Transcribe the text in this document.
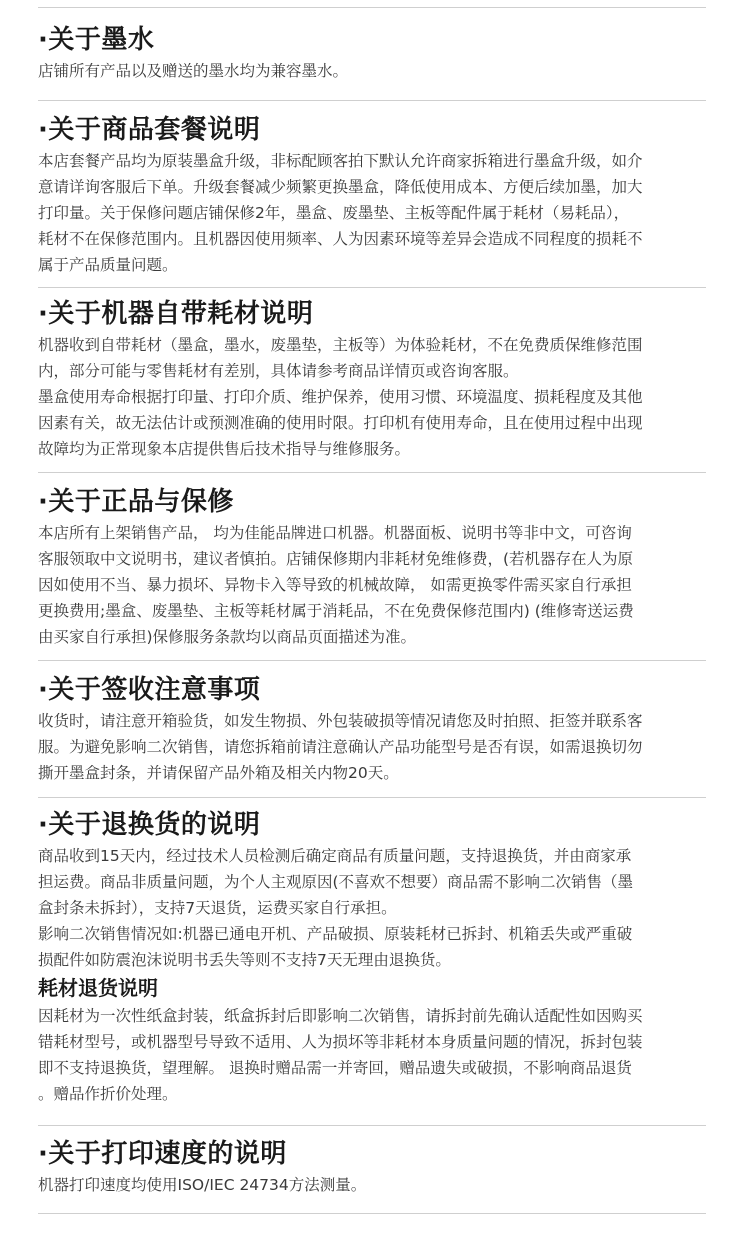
·关于墨水

店铺所有产品以及赠送的墨水均为兼容墨水。

·关于商品套餐说明

本店套餐产品均为原装墨盒升级，非标配顾客拍下默认允许商家拆箱进行墨盒升级，如介
意请详询客服后下单。升级套餐减少频繁更换墨盒，降低使用成本、方便后续加墨，加大
打印量。关于保修问题店铺保修2年，墨盒、废墨垫、主板等配件属于耗材（易耗品），
耗材不在保修范围内。且机器因使用频率、人为因素环境等差异会造成不同程度的损耗不
属于产品质量问题。

·关于机器自带耗材说明

机器收到自带耗材（墨盒，墨水，废墨垫，主板等）为体验耗材，不在免费质保维修范围
内，部分可能与零售耗材有差别，具体请参考商品详情页或咨询客服。

墨盒使用寿命根据打印量、打印介质、维护保养，使用习惯、环境温度、损耗程度及其他
因素有关，故无法估计或预测准确的使用时限。打印机有使用寿命，且在使用过程中出现
故障均为正常现象本店提供售后技术指导与维修服务。

·关于正品与保修

本店所有上架销售产品， 均为佳能品牌进口机器。机器面板、说明书等非中文，可咨询
客服领取中文说明书，建议者慎拍。店铺保修期内非耗材免维修费，(若机器存在人为原
因如使用不当、暴力损坏、异物卡入等导致的机械故障， 如需更换零件需买家自行承担
更换费用;墨盒、废墨垫、主板等耗材属于消耗品，不在免费保修范围内) (维修寄送运费
由买家自行承担)保修服务条款均以商品页面描述为准。

·关于签收注意事项

收货时，请注意开箱验货，如发生物损、外包装破损等情况请您及时拍照、拒签并联系客
服。为避免影响二次销售，请您拆箱前请注意确认产品功能型号是否有误，如需退换切勿
撕开墨盒封条，并请保留产品外箱及相关内物20天。

·关于退换货的说明

商品收到15天内，经过技术人员检测后确定商品有质量问题，支持退换货，并由商家承
担运费。商品非质量问题，为个人主观原因(不喜欢不想要）商品需不影响二次销售（墨
盒封条未拆封），支持7天退货，运费买家自行承担。

影响二次销售情况如:机器已通电开机、产品破损、原装耗材已拆封、机箱丢失或严重破
损配件如防震泡沫说明书丢失等则不支持7天无理由退换货。

耗材退货说明

因耗材为一次性纸盒封装，纸盒拆封后即影响二次销售，请拆封前先确认适配性如因购买
错耗材型号，或机器型号导致不适用、人为损坏等非耗材本身质量问题的情况，拆封包装
即不支持退换货，望理解。 退换时赠品需一并寄回，赠品遗失或破损，不影响商品退货
。赠品作折价处理。

·关于打印速度的说明

机器打印速度均使用ISO/IEC 24734方法测量。
